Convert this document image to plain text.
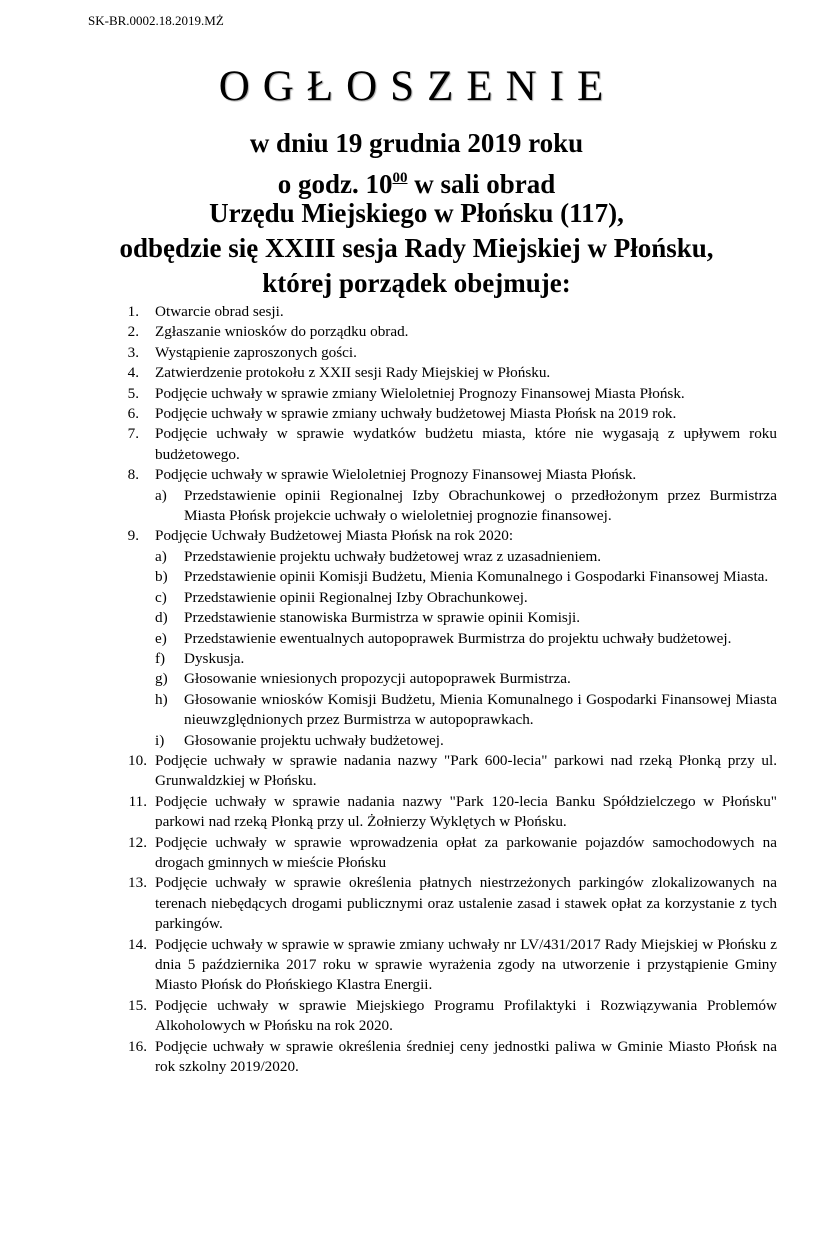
SK-BR.0002.18.2019.MŻ
OGŁOSZENIE
w dniu 19 grudnia 2019 roku
o godz. $10^{00}$ w sali obrad
Urzędu Miejskiego w Płońsku (117),
odbędzie się XXIII sesja Rady Miejskiej w Płońsku,
której porządek obejmuje:
1. Otwarcie obrad sesji.
2. Zgłaszanie wniosków do porządku obrad.
3. Wystąpienie zaproszonych gości.
4. Zatwierdzenie protokołu z XXII sesji Rady Miejskiej w Płońsku.
5. Podjęcie uchwały w sprawie zmiany Wieloletniej Prognozy Finansowej Miasta Płońsk.
6. Podjęcie uchwały w sprawie zmiany uchwały budżetowej Miasta Płońsk na 2019 rok.
7. Podjęcie uchwały w sprawie wydatków budżetu miasta, które nie wygasają z upływem roku budżetowego.
8. Podjęcie uchwały w sprawie Wieloletniej Prognozy Finansowej Miasta Płońsk.
a) Przedstawienie opinii Regionalnej Izby Obrachunkowej o przedłożonym przez Burmistrza Miasta Płońsk projekcie uchwały o wieloletniej prognozie finansowej.
9. Podjęcie Uchwały Budżetowej Miasta Płońsk na rok 2020:
a) Przedstawienie projektu uchwały budżetowej wraz z uzasadnieniem.
b) Przedstawienie opinii Komisji Budżetu, Mienia Komunalnego i Gospodarki Finansowej Miasta.
c) Przedstawienie opinii Regionalnej Izby Obrachunkowej.
d) Przedstawienie stanowiska Burmistrza w sprawie opinii Komisji.
e) Przedstawienie ewentualnych autopoprawek Burmistrza do projektu uchwały budżetowej.
f) Dyskusja.
g) Głosowanie wniesionych propozycji autopoprawek Burmistrza.
h) Głosowanie wniosków Komisji Budżetu, Mienia Komunalnego i Gospodarki Finansowej Miasta nieuwzględnionych przez Burmistrza w autopoprawkach.
i) Głosowanie projektu uchwały budżetowej.
10. Podjęcie uchwały w sprawie nadania nazwy "Park 600-lecia" parkowi nad rzeką Płonką przy ul. Grunwaldzkiej w Płońsku.
11. Podjęcie uchwały w sprawie nadania nazwy "Park 120-lecia Banku Spółdzielczego w Płońsku" parkowi nad rzeką Płonką przy ul. Żołnierzy Wyklętych w Płońsku.
12. Podjęcie uchwały w sprawie wprowadzenia opłat za parkowanie pojazdów samochodowych na drogach gminnych w mieście Płońsku
13. Podjęcie uchwały w sprawie określenia płatnych niestrzeżonych parkingów zlokalizowanych na terenach niebędących drogami publicznymi oraz ustalenie zasad i stawek opłat za korzystanie z tych parkingów.
14. Podjęcie uchwały w sprawie w sprawie zmiany uchwały nr LV/431/2017 Rady Miejskiej w Płońsku z dnia 5 października 2017 roku w sprawie wyrażenia zgody na utworzenie i przystąpienie Gminy Miasto Płońsk do Płońskiego Klastra Energii.
15. Podjęcie uchwały w sprawie Miejskiego Programu Profilaktyki i Rozwiązywania Problemów Alkoholowych w Płońsku na rok 2020.
16. Podjęcie uchwały w sprawie określenia średniej ceny jednostki paliwa w Gminie Miasto Płońsk na rok szkolny 2019/2020.
